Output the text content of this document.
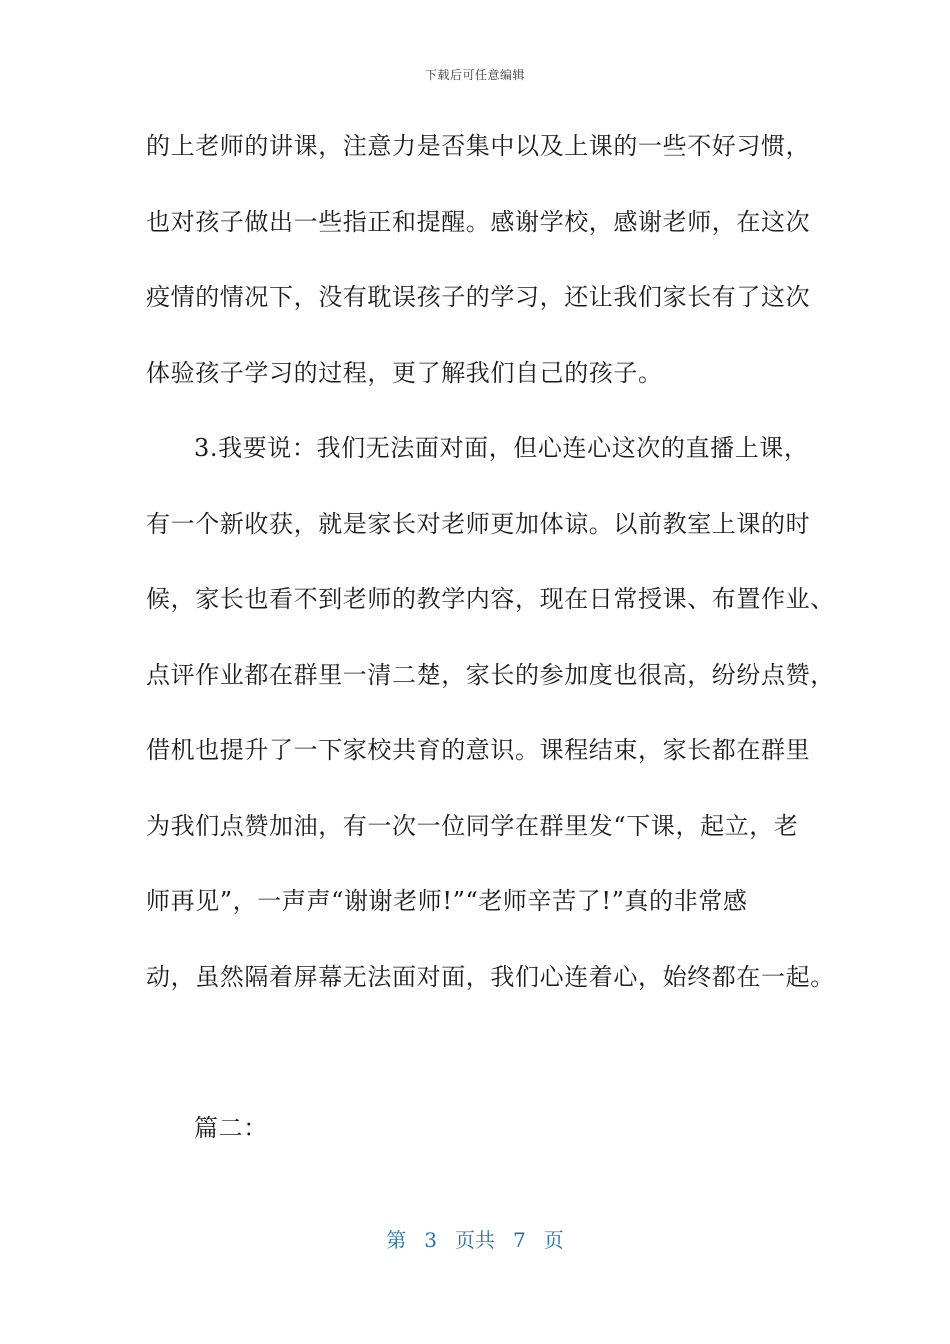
下载后可任意编辑
的上老师的讲课，注意力是否集中以及上课的一些不好习惯，
也对孩子做出一些指正和提醒。感谢学校，感谢老师，在这次
疫情的情况下，没有耽误孩子的学习，还让我们家长有了这次
体验孩子学习的过程，更了解我们自己的孩子。
3.我要说：我们无法面对面，但心连心这次的直播上课，
有一个新收获，就是家长对老师更加体谅。以前教室上课的时
候，家长也看不到老师的教学内容，现在日常授课、布置作业、
点评作业都在群里一清二楚，家长的参加度也很高，纷纷点赞，
借机也提升了一下家校共育的意识。课程结束，家长都在群里
为我们点赞加油，有一次一位同学在群里发“下课，起立，老
师再见”，一声声“谢谢老师!”“老师辛苦了!”真的非常感
动，虽然隔着屏幕无法面对面，我们心连着心，始终都在一起。
篇二：
第 3 页共 7 页
